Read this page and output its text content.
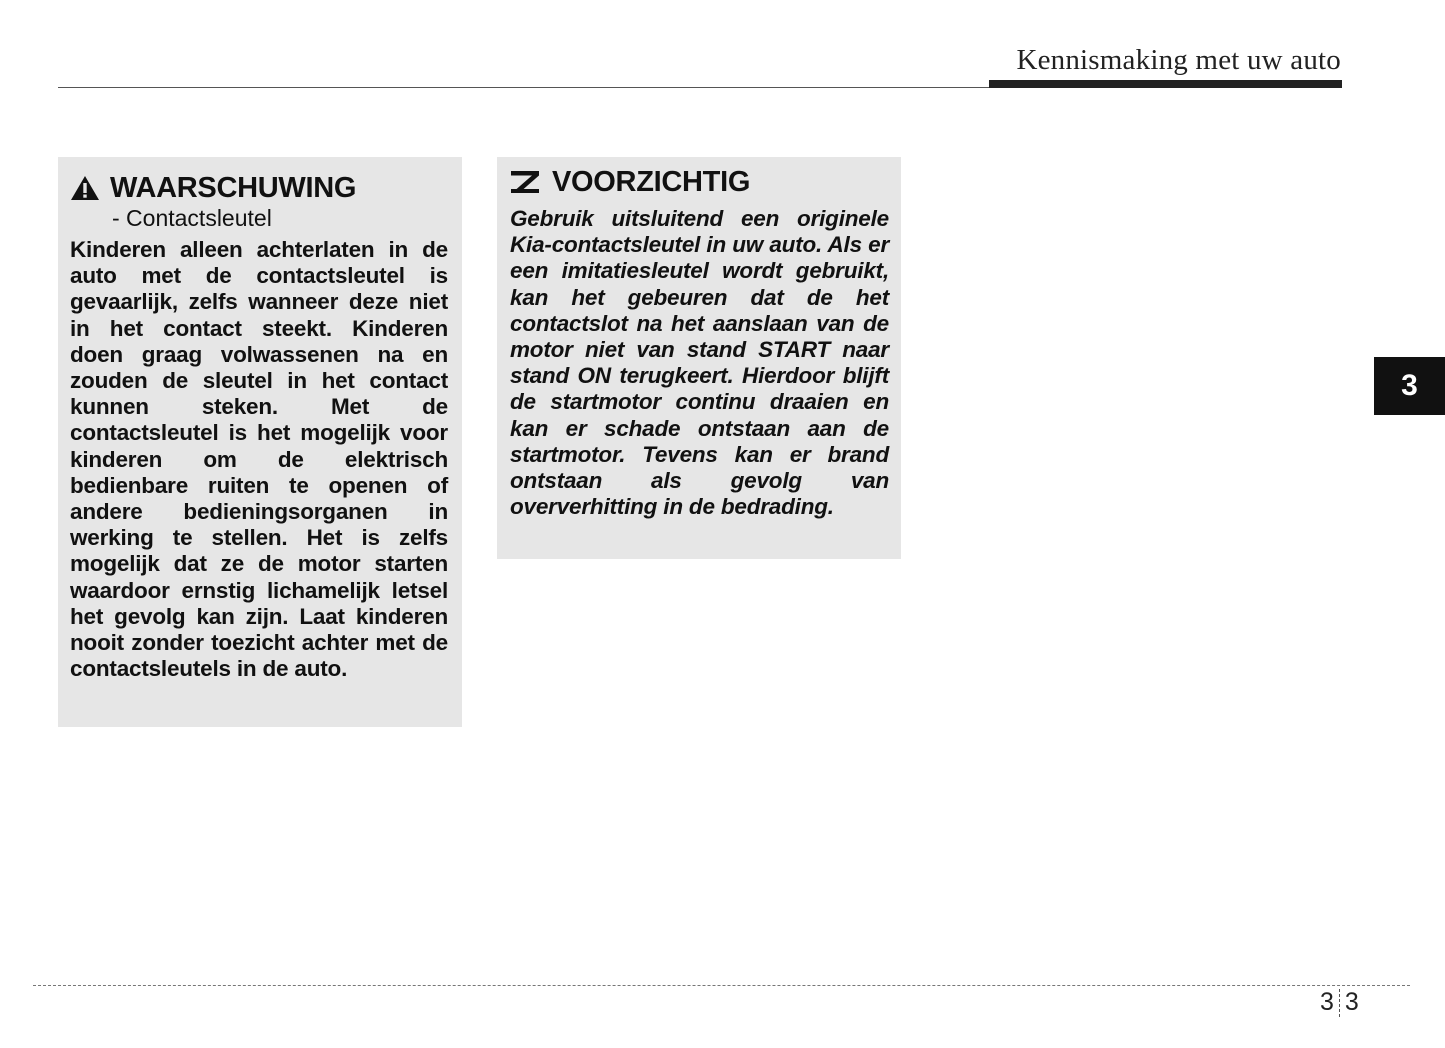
Kennismaking met uw auto
3
WAARSCHUWING
- Contactsleutel
Kinderen alleen achterlaten in de auto met de contactsleutel is gevaarlijk, zelfs wanneer deze niet in het contact steekt. Kinderen doen graag volwassenen na en zouden de sleutel in het contact kunnen steken. Met de contactsleutel is het mogelijk voor kinderen om de elektrisch bedienbare ruiten te openen of andere bedieningsorganen in werking te stellen. Het is zelfs mogelijk dat ze de motor starten waardoor ernstig lichamelijk letsel het gevolg kan zijn. Laat kinderen nooit zonder toezicht achter met de contactsleutels in de auto.
VOORZICHTIG
Gebruik uitsluitend een originele Kia-contactsleutel in uw auto. Als er een imitatiesleutel wordt gebruikt, kan het gebeuren dat de het contactslot na het aanslaan van de motor niet van stand START naar stand ON terugkeert. Hierdoor blijft de startmotor continu draaien en kan er schade ontstaan aan de startmotor. Tevens kan er brand ontstaan als gevolg van oververhitting in de bedrading.
3 3
